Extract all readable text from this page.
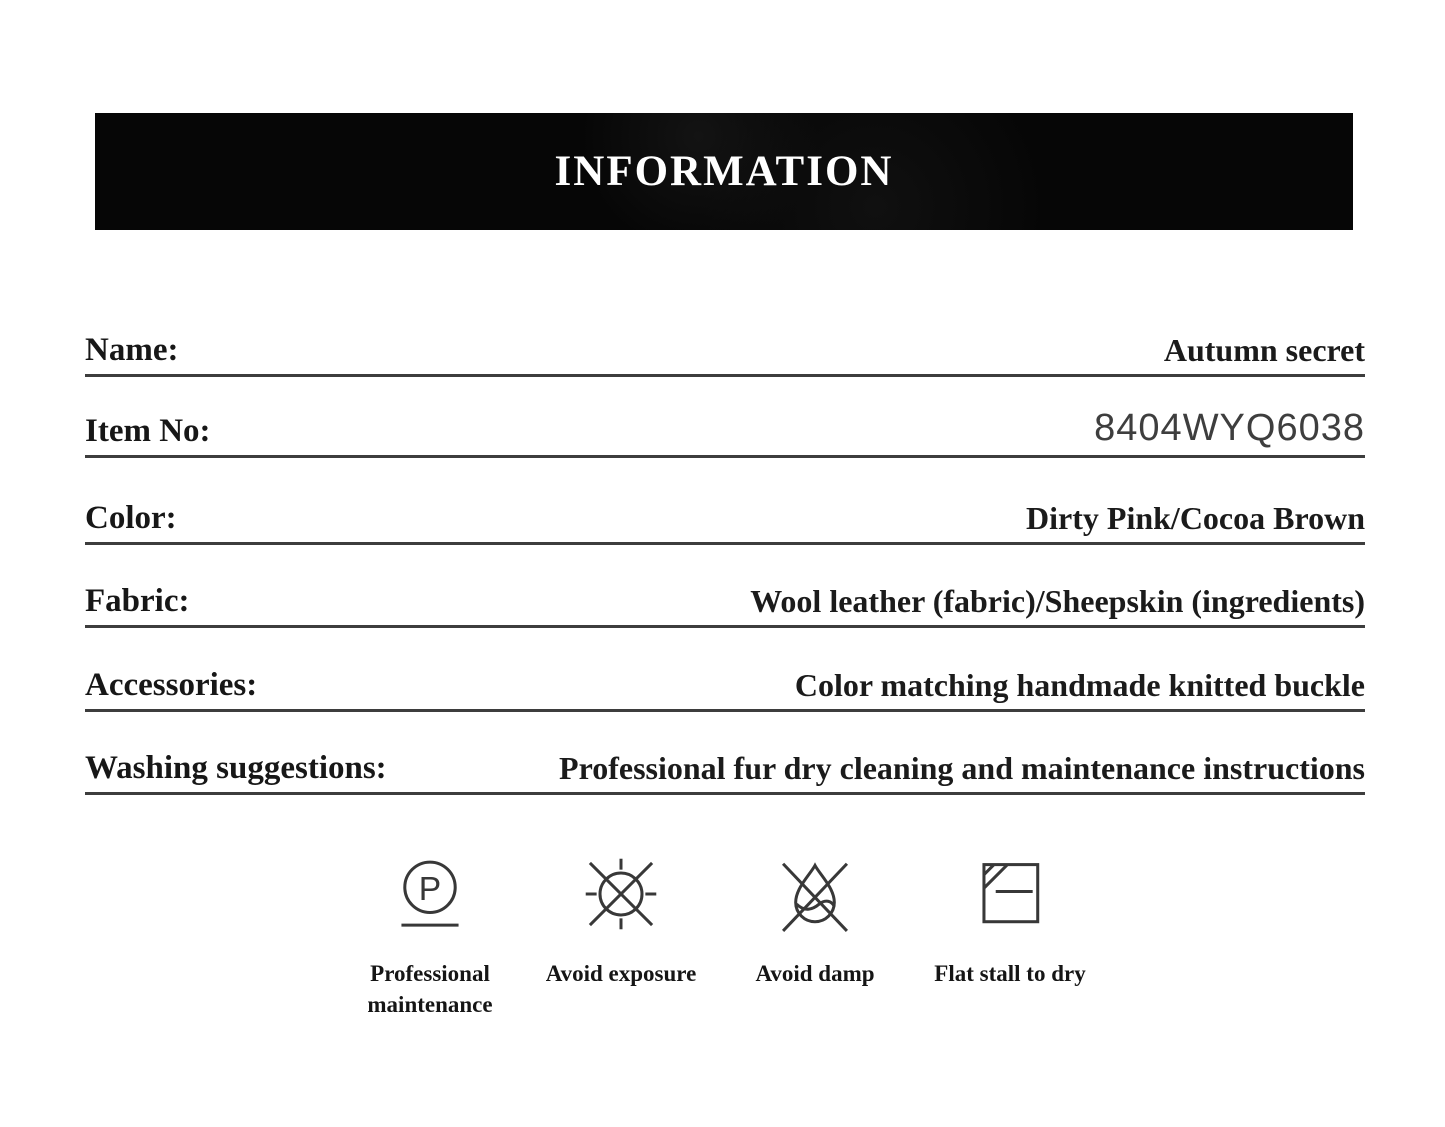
INFORMATION
Name:	Autumn secret
Item No:	8404WYQ6038
Color:	Dirty Pink/Cocoa Brown
Fabric:	Wool leather (fabric)/Sheepskin (ingredients)
Accessories:	Color matching handmade knitted buckle
Washing suggestions:	Professional fur dry cleaning and maintenance instructions
P
Professional
maintenance
Avoid exposure	Avoid damp	Flat stall to dry
